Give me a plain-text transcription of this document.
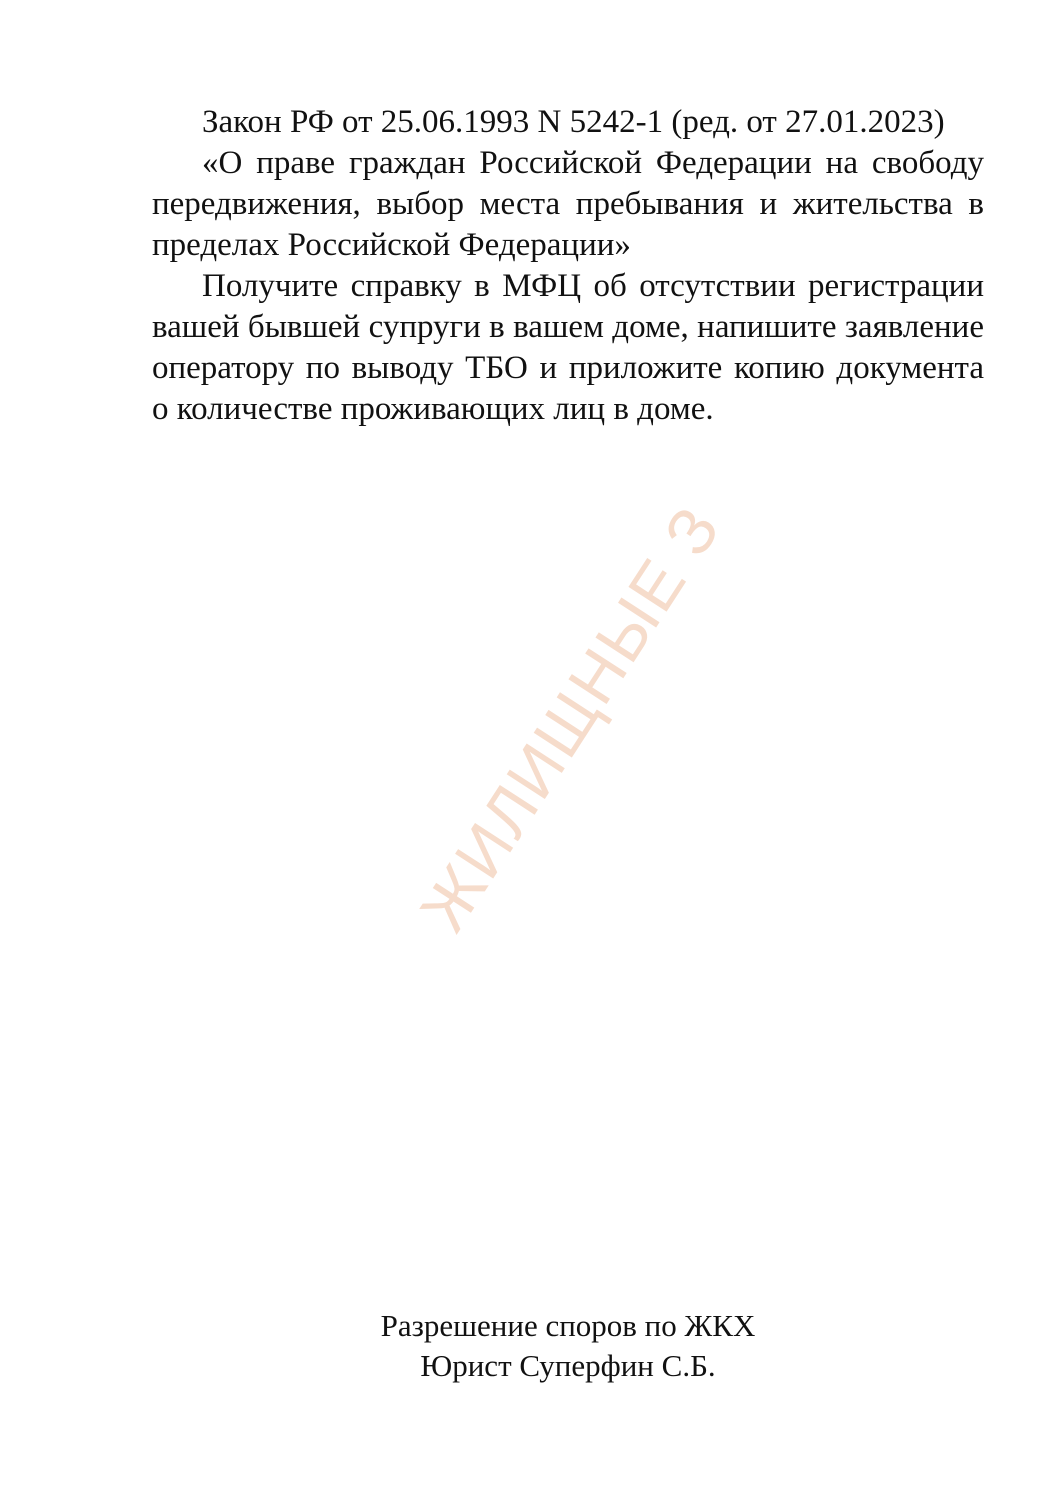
ЖИЛИЩНЫЕ З

Закон РФ от 25.06.1993 N 5242-1 (ред. от 27.01.2023)

«О праве граждан Российской Федерации на свободу передвижения, выбор места пребывания и жительства в пределах Российской Федерации»

Получите справку в МФЦ об отсутствии регистрации вашей бывшей супруги в вашем доме, напишите заявление оператору по выводу ТБО и приложите копию документа о количестве проживающих лиц в доме.

Разрешение споров по ЖКХ
Юрист Суперфин С.Б.
